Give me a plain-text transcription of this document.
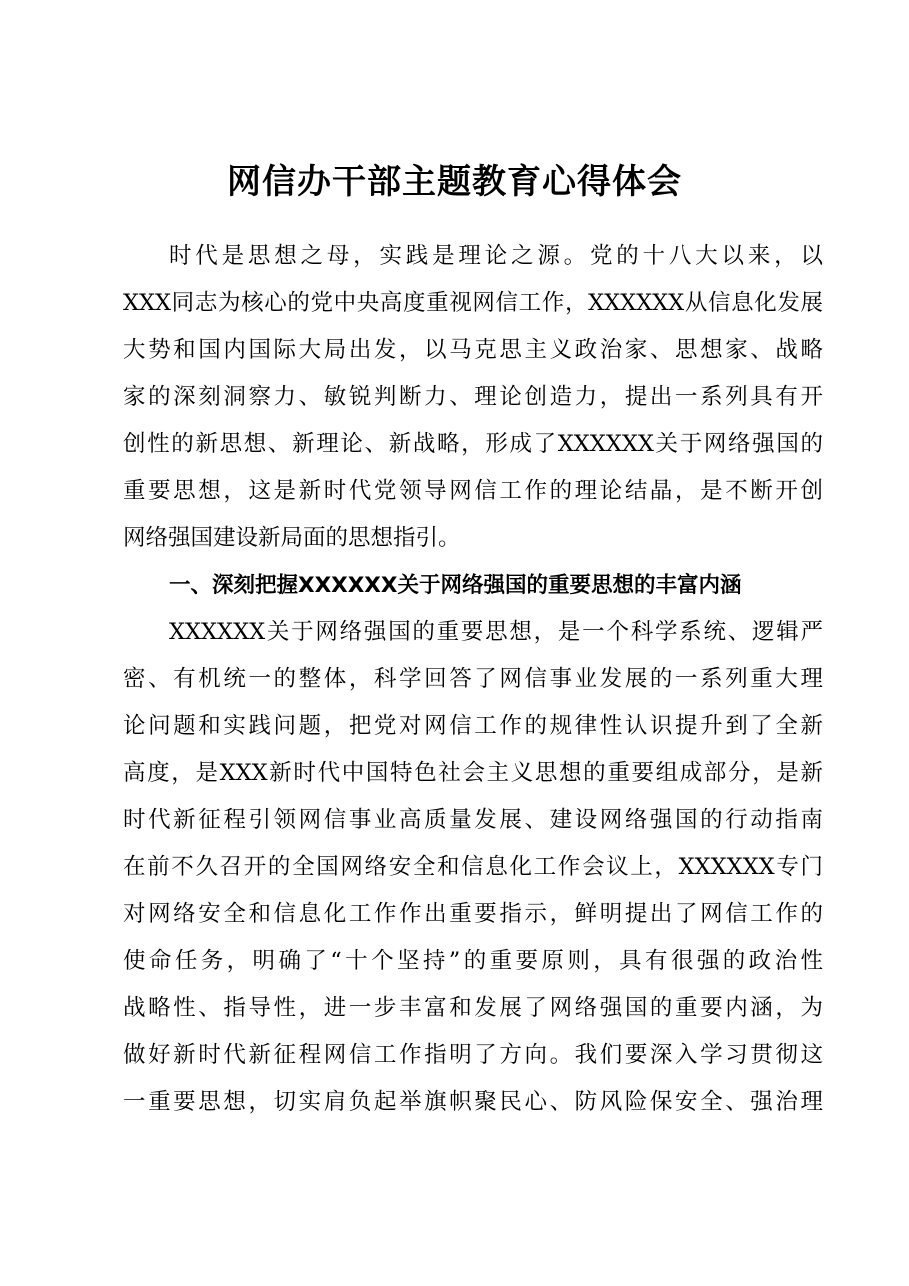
网信办干部主题教育心得体会
时代是思想之母，实践是理论之源。党的十八大以来，以
XXX同志为核心的党中央高度重视网信工作，XXXXXX从信息化发展
大势和国内国际大局出发，以马克思主义政治家、思想家、战略
家的深刻洞察力、敏锐判断力、理论创造力，提出一系列具有开
创性的新思想、新理论、新战略，形成了XXXXXX关于网络强国的
重要思想，这是新时代党领导网信工作的理论结晶，是不断开创
网络强国建设新局面的思想指引。
一、深刻把握XXXXXX关于网络强国的重要思想的丰富内涵
XXXXXX关于网络强国的重要思想，是一个科学系统、逻辑严
密、有机统一的整体，科学回答了网信事业发展的一系列重大理
论问题和实践问题，把党对网信工作的规律性认识提升到了全新
高度，是XXX新时代中国特色社会主义思想的重要组成部分，是新
时代新征程引领网信事业高质量发展、建设网络强国的行动指南
在前不久召开的全国网络安全和信息化工作会议上，XXXXXX专门
对网络安全和信息化工作作出重要指示，鲜明提出了网信工作的
使命任务，明确了“十个坚持”的重要原则，具有很强的政治性
战略性、指导性，进一步丰富和发展了网络强国的重要内涵，为
做好新时代新征程网信工作指明了方向。我们要深入学习贯彻这
一重要思想，切实肩负起举旗帜聚民心、防风险保安全、强治理
